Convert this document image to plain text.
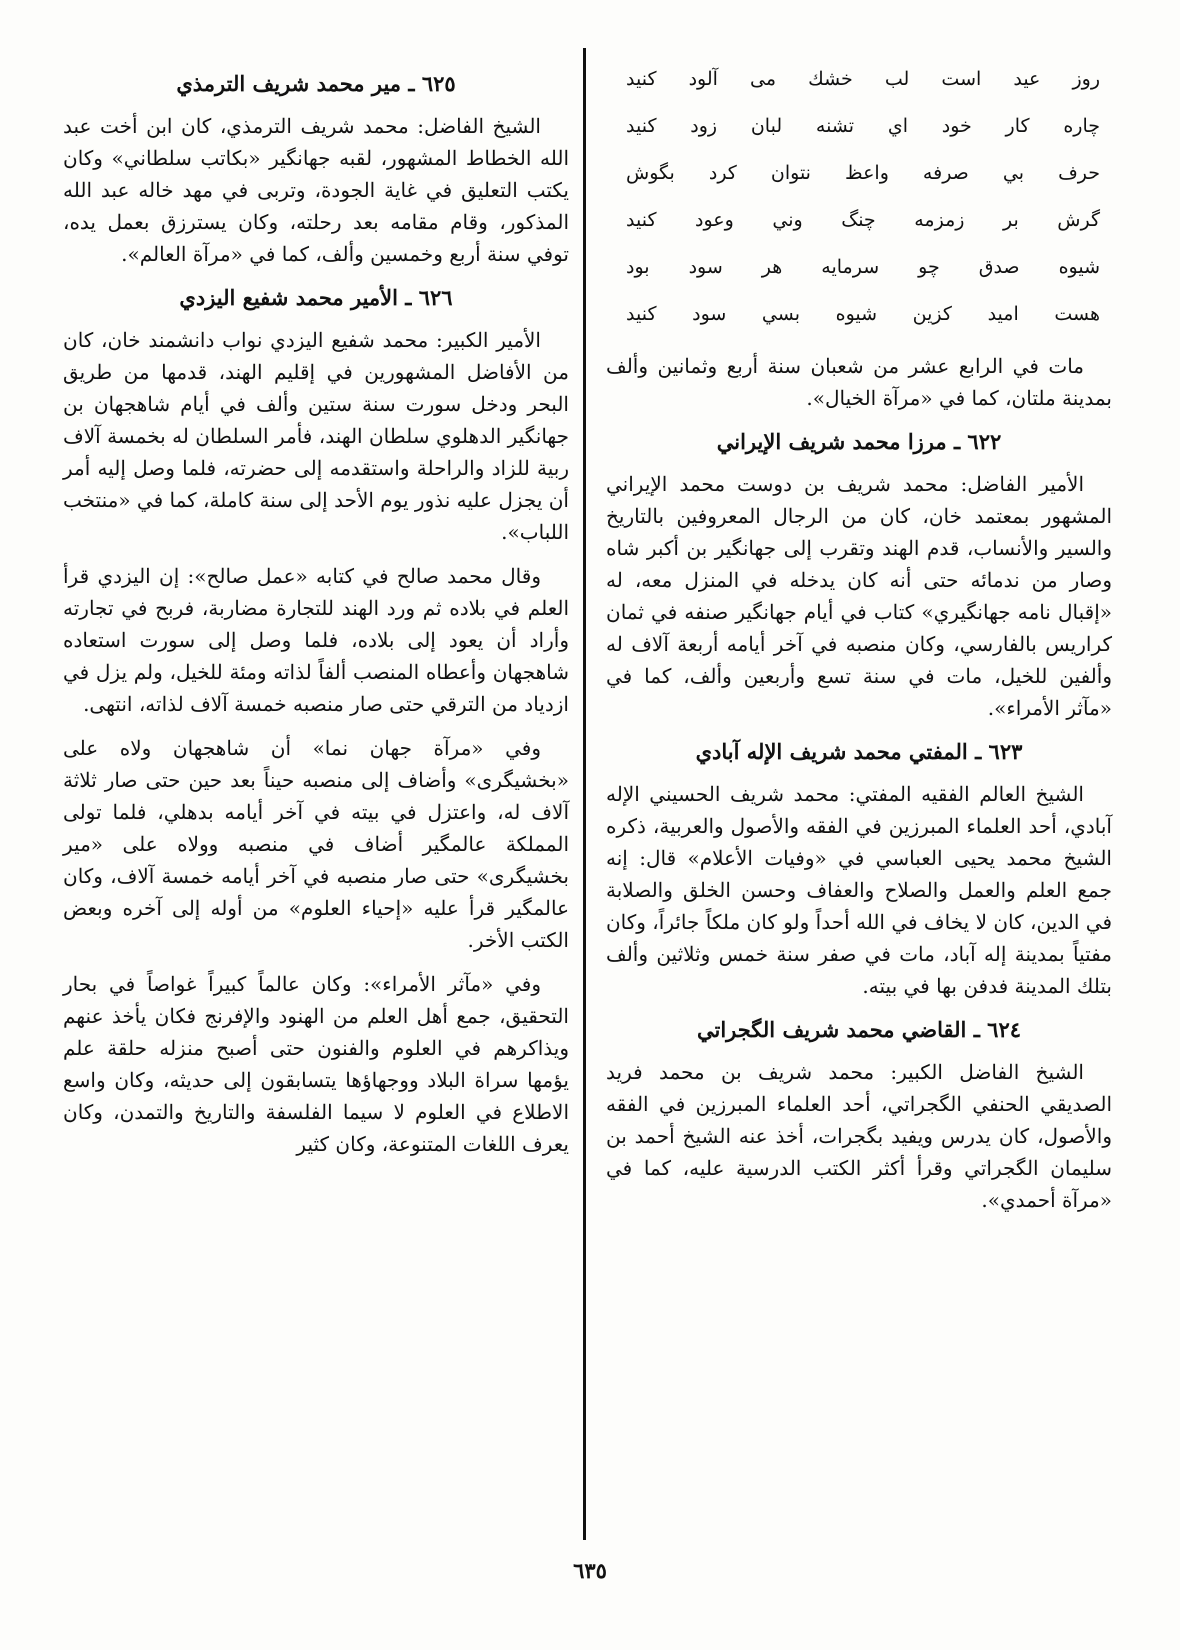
روز عيد است لب خشك مى آلود كنيد
چاره كار خود اي تشنه لبان زود كنيد
حرف بي صرفه واعظ نتوان كرد بگوش
گرش بر زمزمه چنگ وني وعود كنيد
شيوه صدق چو سرمايه هر سود بود
هست اميد كزين شيوه بسي سود كنيد

مات في الرابع عشر من شعبان سنة أربع وثمانين وألف بمدينة ملتان، كما في «مرآة الخيال».

٦٢٢ ـ مرزا محمد شريف الإيراني

الأمير الفاضل: محمد شريف بن دوست محمد الإيراني المشهور بمعتمد خان، كان من الرجال المعروفين بالتاريخ والسير والأنساب، قدم الهند وتقرب إلى جهانگير بن أكبر شاه وصار من ندمائه حتى أنه كان يدخله في المنزل معه، له «إقبال نامه جهانگيري» كتاب في أيام جهانگير صنفه في ثمان كراريس بالفارسي، وكان منصبه في آخر أيامه أربعة آلاف له وألفين للخيل، مات في سنة تسع وأربعين وألف، كما في «مآثر الأمراء».

٦٢٣ ـ المفتي محمد شريف الإله آبادي

الشيخ العالم الفقيه المفتي: محمد شريف الحسيني الإله آبادي، أحد العلماء المبرزين في الفقه والأصول والعربية، ذكره الشيخ محمد يحيى العباسي في «وفيات الأعلام» قال: إنه جمع العلم والعمل والصلاح والعفاف وحسن الخلق والصلابة في الدين، كان لا يخاف في الله أحداً ولو كان ملكاً جائراً، وكان مفتياً بمدينة إله آباد، مات في صفر سنة خمس وثلاثين وألف بتلك المدينة فدفن بها في بيته.

٦٢٤ ـ القاضي محمد شريف الگجراتي

الشيخ الفاضل الكبير: محمد شريف بن محمد فريد الصديقي الحنفي الگجراتي، أحد العلماء المبرزين في الفقه والأصول، كان يدرس ويفيد بگجرات، أخذ عنه الشيخ أحمد بن سليمان الگجراتي وقرأ أكثر الكتب الدرسية عليه، كما في «مرآة أحمدي».

٦٢٥ ـ مير محمد شريف الترمذي

الشيخ الفاضل: محمد شريف الترمذي، كان ابن أخت عبد الله الخطاط المشهور، لقبه جهانگير «بكاتب سلطاني» وكان يكتب التعليق في غاية الجودة، وتربى في مهد خاله عبد الله المذكور، وقام مقامه بعد رحلته، وكان يسترزق بعمل يده، توفي سنة أربع وخمسين وألف، كما في «مرآة العالم».

٦٢٦ ـ الأمير محمد شفيع اليزدي

الأمير الكبير: محمد شفيع اليزدي نواب دانشمند خان، كان من الأفاضل المشهورين في إقليم الهند، قدمها من طريق البحر ودخل سورت سنة ستين وألف في أيام شاهجهان بن جهانگير الدهلوي سلطان الهند، فأمر السلطان له بخمسة آلاف ربية للزاد والراحلة واستقدمه إلى حضرته، فلما وصل إليه أمر أن يجزل عليه نذور يوم الأحد إلى سنة كاملة، كما في «منتخب اللباب».

وقال محمد صالح في كتابه «عمل صالح»: إن اليزدي قرأ العلم في بلاده ثم ورد الهند للتجارة مضاربة، فربح في تجارته وأراد أن يعود إلى بلاده، فلما وصل إلى سورت استعاده شاهجهان وأعطاه المنصب ألفاً لذاته ومئة للخيل، ولم يزل في ازدياد من الترقي حتى صار منصبه خمسة آلاف لذاته، انتهى.

وفي «مرآة جهان نما» أن شاهجهان ولاه على «بخشيگرى» وأضاف إلى منصبه حيناً بعد حين حتى صار ثلاثة آلاف له، واعتزل في بيته في آخر أيامه بدهلي، فلما تولى المملكة عالمگير أضاف في منصبه وولاه على «مير بخشيگرى» حتى صار منصبه في آخر أيامه خمسة آلاف، وكان عالمگير قرأ عليه «إحياء العلوم» من أوله إلى آخره وبعض الكتب الأخر.

وفي «مآثر الأمراء»: وكان عالماً كبيراً غواصاً في بحار التحقيق، جمع أهل العلم من الهنود والإفرنج فكان يأخذ عنهم ويذاكرهم في العلوم والفنون حتى أصبح منزله حلقة علم يؤمها سراة البلاد ووجهاؤها يتسابقون إلى حديثه، وكان واسع الاطلاع في العلوم لا سيما الفلسفة والتاريخ والتمدن، وكان يعرف اللغات المتنوعة، وكان كثير

٦٣٥
